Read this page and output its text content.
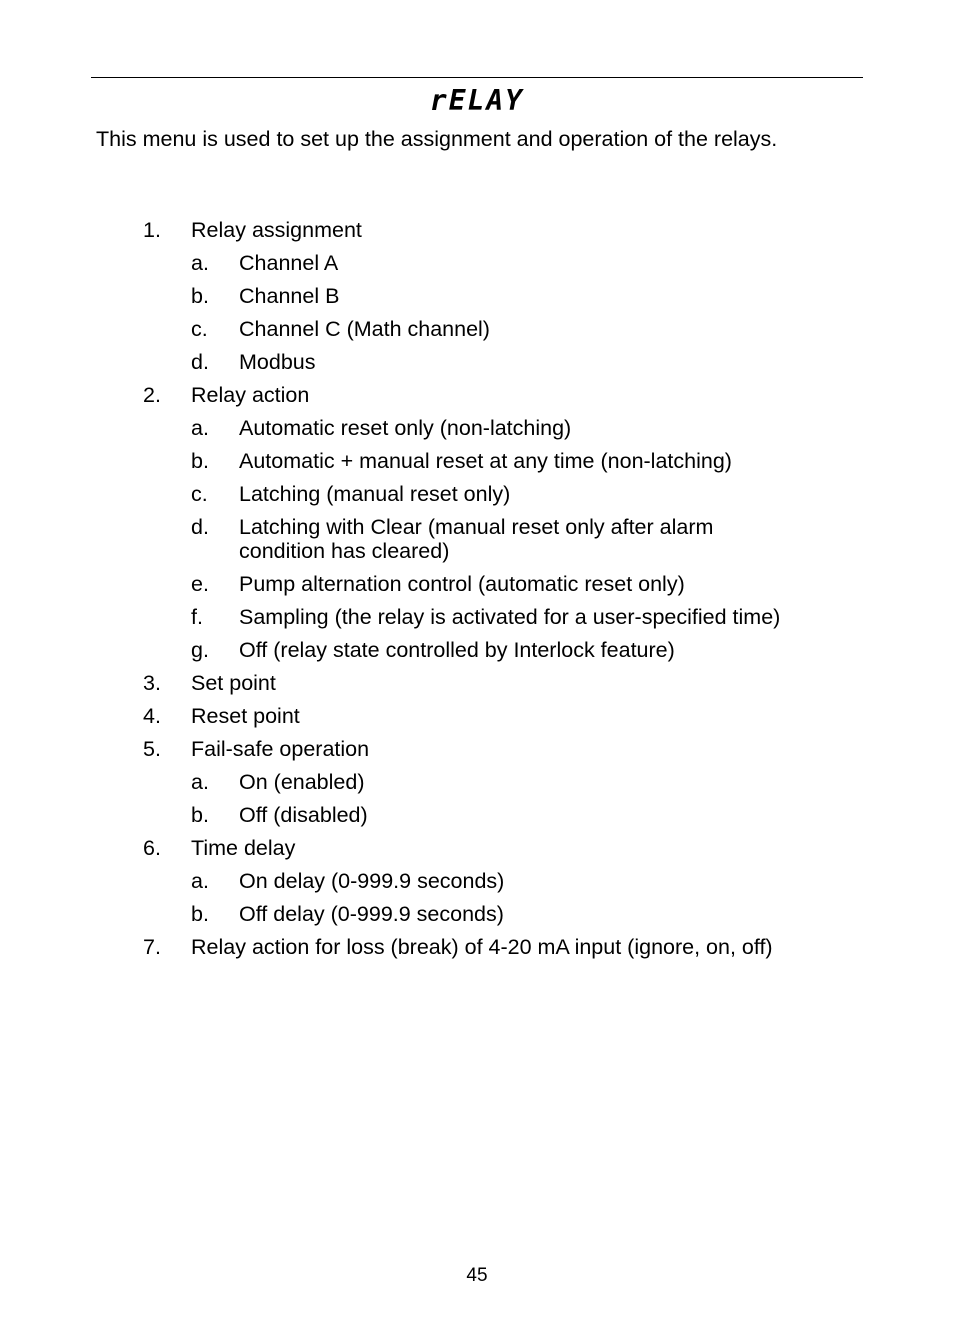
rELAY
This menu is used to set up the assignment and operation of the relays.
1. Relay assignment
a. Channel A
b. Channel B
c. Channel C (Math channel)
d. Modbus
2. Relay action
a. Automatic reset only (non-latching)
b. Automatic + manual reset at any time (non-latching)
c. Latching (manual reset only)
d. Latching with Clear (manual reset only after alarm
condition has cleared)
e. Pump alternation control (automatic reset only)
f. Sampling (the relay is activated for a user-specified time)
g. Off (relay state controlled by Interlock feature)
3. Set point
4. Reset point
5. Fail-safe operation
a. On (enabled)
b. Off (disabled)
6. Time delay
a. On delay (0-999.9 seconds)
b. Off delay (0-999.9 seconds)
7. Relay action for loss (break) of 4-20 mA input (ignore, on, off)
45
